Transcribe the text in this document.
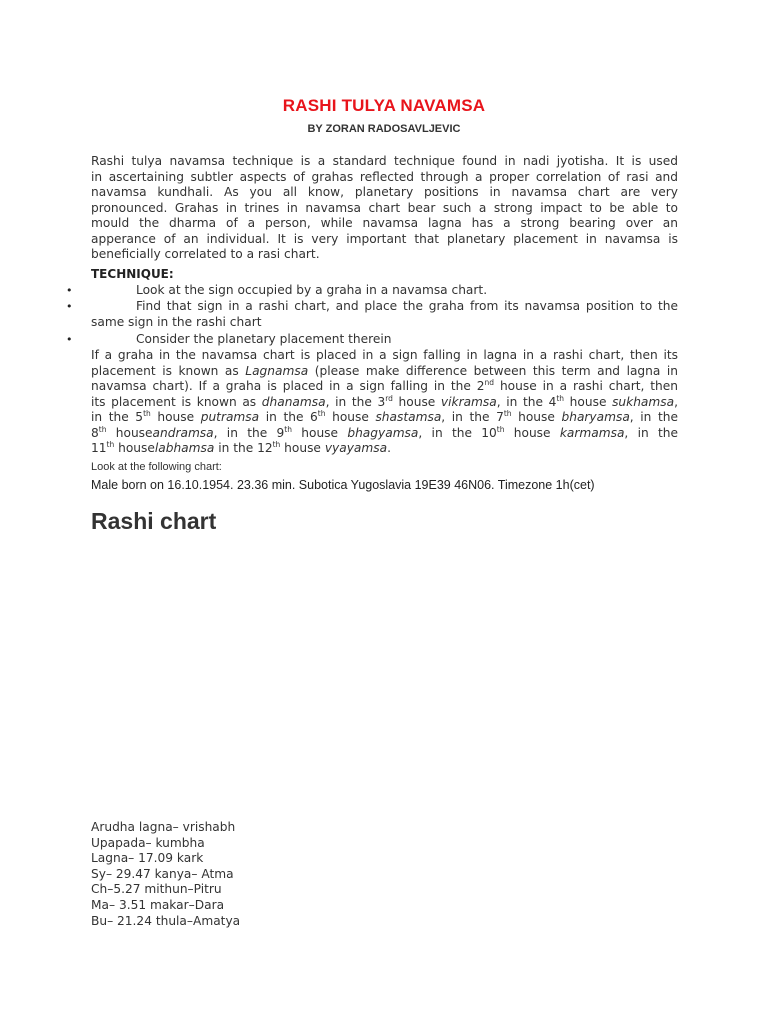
RASHI TULYA NAVAMSA
BY ZORAN RADOSAVLJEVIC
Rashi tulya navamsa technique is a standard technique found in nadi jyotisha. It is used
in ascertaining subtler aspects of grahas reflected through a proper correlation of rasi and
navamsa kundhali. As you all know, planetary positions in navamsa chart are very
pronounced. Grahas in trines in navamsa chart bear such a strong impact to be able to
mould the dharma of a person, while navamsa lagna has a strong bearing over an
apperance of an individual. It is very important that planetary placement in navamsa is
beneficially correlated to a rasi chart.
TECHNIQUE:
•
•
•
Look at the sign occupied by a graha in a navamsa chart.
Find that sign in a rashi chart, and place the graha from its navamsa position to the same sign in the rashi chart
Consider the planetary placement therein
If a graha in the navamsa chart is placed in a sign falling in lagna in a rashi chart, then its
placement is known as Lagnamsa (please make difference between this term and lagna in
navamsa chart). If a graha is placed in a sign falling in the 2nd house in a rashi chart, then
its placement is known as dhanamsa, in the 3rd house vikramsa, in the 4th house sukhamsa,
in the 5th house putramsa in the 6th house shastamsa, in the 7th house bharyamsa, in the
8th houseandramsa, in the 9th house bhagyamsa, in the 10th house karmamsa, in the
11th houselabhamsa in the 12th house vyayamsa.
Look at the following chart:
Male born on 16.10.1954. 23.36 min. Subotica Yugoslavia 19E39 46N06. Timezone 1h(cet)
Rashi chart
Arudha lagna– vrishabh
Upapada– kumbha
Lagna– 17.09 kark
Sy– 29.47 kanya– Atma
Ch–5.27 mithun–Pitru
Ma– 3.51 makar–Dara
Bu– 21.24 thula–Amatya
